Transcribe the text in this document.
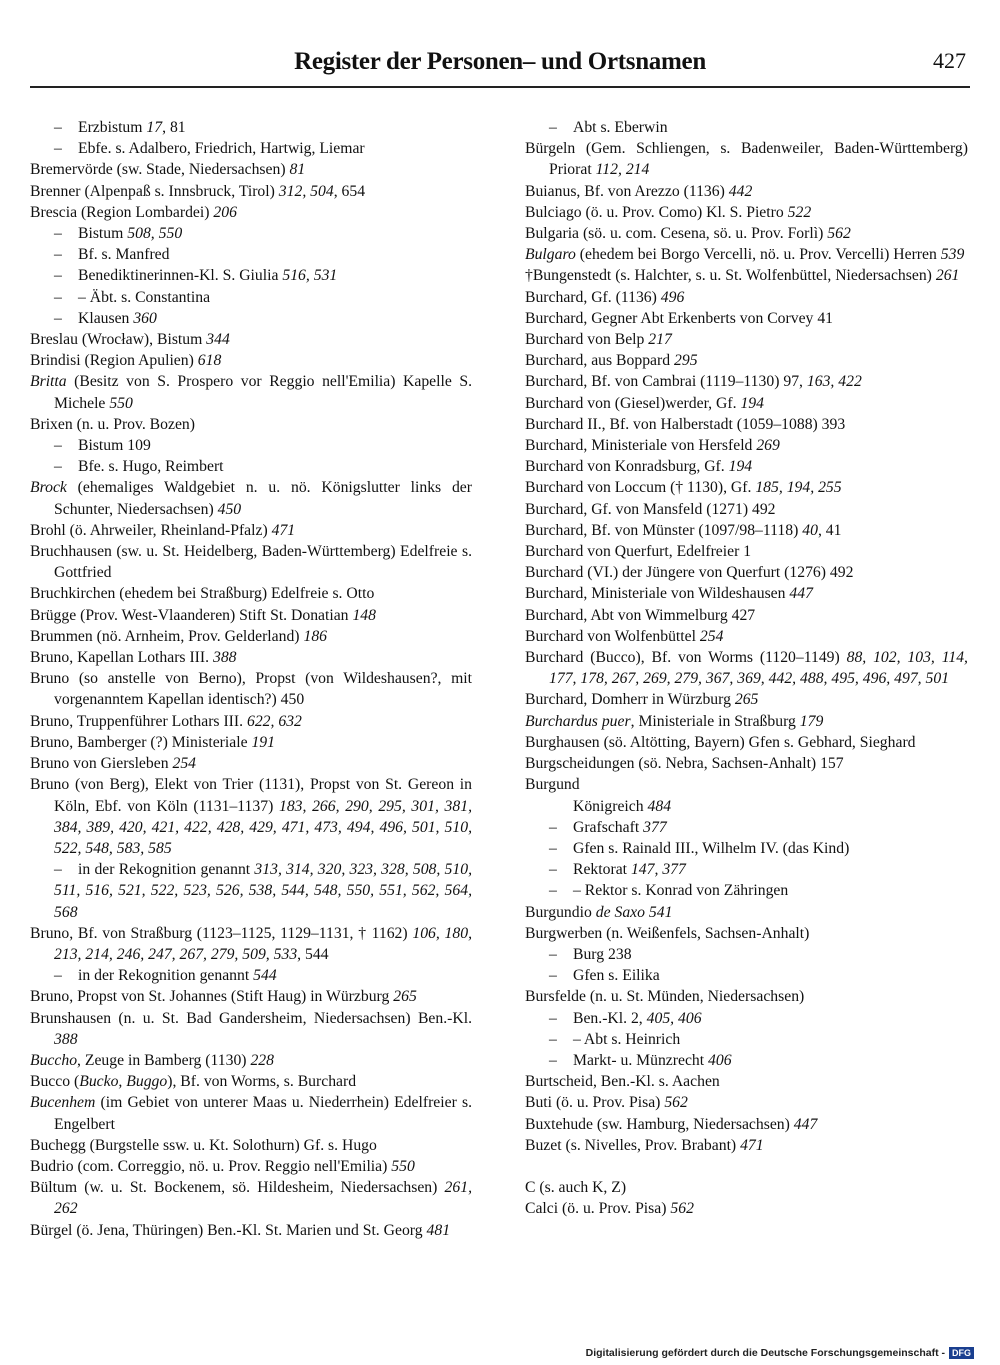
Register der Personen– und Ortsnamen	427

– Erzbistum 17, 81

– Ebfe. s. Adalbero, Friedrich, Hartwig, Liemar

Bremervörde (sw. Stade, Niedersachsen) 81

Brenner (Alpenpaß s. Innsbruck, Tirol) 312, 504, 654

Brescia (Region Lombardei) 206

– Bistum 508, 550

– Bf. s. Manfred

– Benediktinerinnen-Kl. S. Giulia 516, 531

– – Äbt. s. Constantina

– Klausen 360

Breslau (Wrocław), Bistum 344

Brindisi (Region Apulien) 618

Britta (Besitz von S. Prospero vor Reggio nell'Emilia) Kapelle S. Michele 550

Brixen (n. u. Prov. Bozen)

– Bistum 109

– Bfe. s. Hugo, Reimbert

Brock (ehemaliges Waldgebiet n. u. nö. Königslutter links der Schunter, Niedersachsen) 450

Brohl (ö. Ahrweiler, Rheinland-Pfalz) 471

Bruchhausen (sw. u. St. Heidelberg, Baden-Württemberg) Edelfreie s. Gottfried

Bruchkirchen (ehedem bei Straßburg) Edelfreie s. Otto

Brügge (Prov. West-Vlaanderen) Stift St. Donatian 148

Brummen (nö. Arnheim, Prov. Gelderland) 186

Bruno, Kapellan Lothars III. 388

Bruno (so anstelle von Berno), Propst (von Wildeshausen?, mit vorgenanntem Kapellan identisch?) 450

Bruno, Truppenführer Lothars III. 622, 632

Bruno, Bamberger (?) Ministeriale 191

Bruno von Giersleben 254

Bruno (von Berg), Elekt von Trier (1131), Propst von St. Gereon in Köln, Ebf. von Köln (1131–1137) 183, 266, 290, 295, 301, 381, 384, 389, 420, 421, 422, 428, 429, 471, 473, 494, 496, 501, 510, 522, 548, 583, 585

– in der Rekognition genannt 313, 314, 320, 323, 328, 508, 510, 511, 516, 521, 522, 523, 526, 538, 544, 548, 550, 551, 562, 564, 568

Bruno, Bf. von Straßburg (1123–1125, 1129–1131, † 1162) 106, 180, 213, 214, 246, 247, 267, 279, 509, 533, 544

– in der Rekognition genannt 544

Bruno, Propst von St. Johannes (Stift Haug) in Würzburg 265

Brunshausen (n. u. St. Bad Gandersheim, Niedersachsen) Ben.-Kl. 388

Buccho, Zeuge in Bamberg (1130) 228

Bucco (Bucko, Buggo), Bf. von Worms, s. Burchard

Bucenhem (im Gebiet von unterer Maas u. Niederrhein) Edelfreier s. Engelbert

Buchegg (Burgstelle ssw. u. Kt. Solothurn) Gf. s. Hugo

Budrio (com. Correggio, nö. u. Prov. Reggio nell'Emilia) 550

Bültum (w. u. St. Bockenem, sö. Hildesheim, Niedersachsen) 261, 262

Bürgel (ö. Jena, Thüringen) Ben.-Kl. St. Marien und St. Georg 481

– Abt s. Eberwin

Bürgeln (Gem. Schliengen, s. Badenweiler, Baden-Württemberg) Priorat 112, 214

Buianus, Bf. von Arezzo (1136) 442

Bulciago (ö. u. Prov. Como) Kl. S. Pietro 522

Bulgaria (sö. u. com. Cesena, sö. u. Prov. Forlì) 562

Bulgaro (ehedem bei Borgo Vercelli, nö. u. Prov. Vercelli) Herren 539

†Bungenstedt (s. Halchter, s. u. St. Wolfenbüttel, Niedersachsen) 261

Burchard, Gf. (1136) 496

Burchard, Gegner Abt Erkenberts von Corvey 41

Burchard von Belp 217

Burchard, aus Boppard 295

Burchard, Bf. von Cambrai (1119–1130) 97, 163, 422

Burchard von (Giesel)werder, Gf. 194

Burchard II., Bf. von Halberstadt (1059–1088) 393

Burchard, Ministeriale von Hersfeld 269

Burchard von Konradsburg, Gf. 194

Burchard von Loccum († 1130), Gf. 185, 194, 255

Burchard, Gf. von Mansfeld (1271) 492

Burchard, Bf. von Münster (1097/98–1118) 40, 41

Burchard von Querfurt, Edelfreier 1

Burchard (VI.) der Jüngere von Querfurt (1276) 492

Burchard, Ministeriale von Wildeshausen 447

Burchard, Abt von Wimmelburg 427

Burchard von Wolfenbüttel 254

Burchard (Bucco), Bf. von Worms (1120–1149) 88, 102, 103, 114, 177, 178, 267, 269, 279, 367, 369, 442, 488, 495, 496, 497, 501

Burchard, Domherr in Würzburg 265

Burchardus puer, Ministeriale in Straßburg 179

Burghausen (sö. Altötting, Bayern) Gfen s. Gebhard, Sieghard

Burgscheidungen (sö. Nebra, Sachsen-Anhalt) 157

Burgund

Königreich 484

– Grafschaft 377

– Gfen s. Rainald III., Wilhelm IV. (das Kind)

– Rektorat 147, 377

– – Rektor s. Konrad von Zähringen

Burgundio de Saxo 541

Burgwerben (n. Weißenfels, Sachsen-Anhalt)

– Burg 238

– Gfen s. Eilika

Bursfelde (n. u. St. Münden, Niedersachsen)

– Ben.-Kl. 2, 405, 406

– – Abt s. Heinrich

– Markt- u. Münzrecht 406

Burtscheid, Ben.-Kl. s. Aachen

Buti (ö. u. Prov. Pisa) 562

Buxtehude (sw. Hamburg, Niedersachsen) 447

Buzet (s. Nivelles, Prov. Brabant) 471

C (s. auch K, Z)

Calci (ö. u. Prov. Pisa) 562

Digitalisierung gefördert durch die Deutsche Forschungsgemeinschaft - DFG
